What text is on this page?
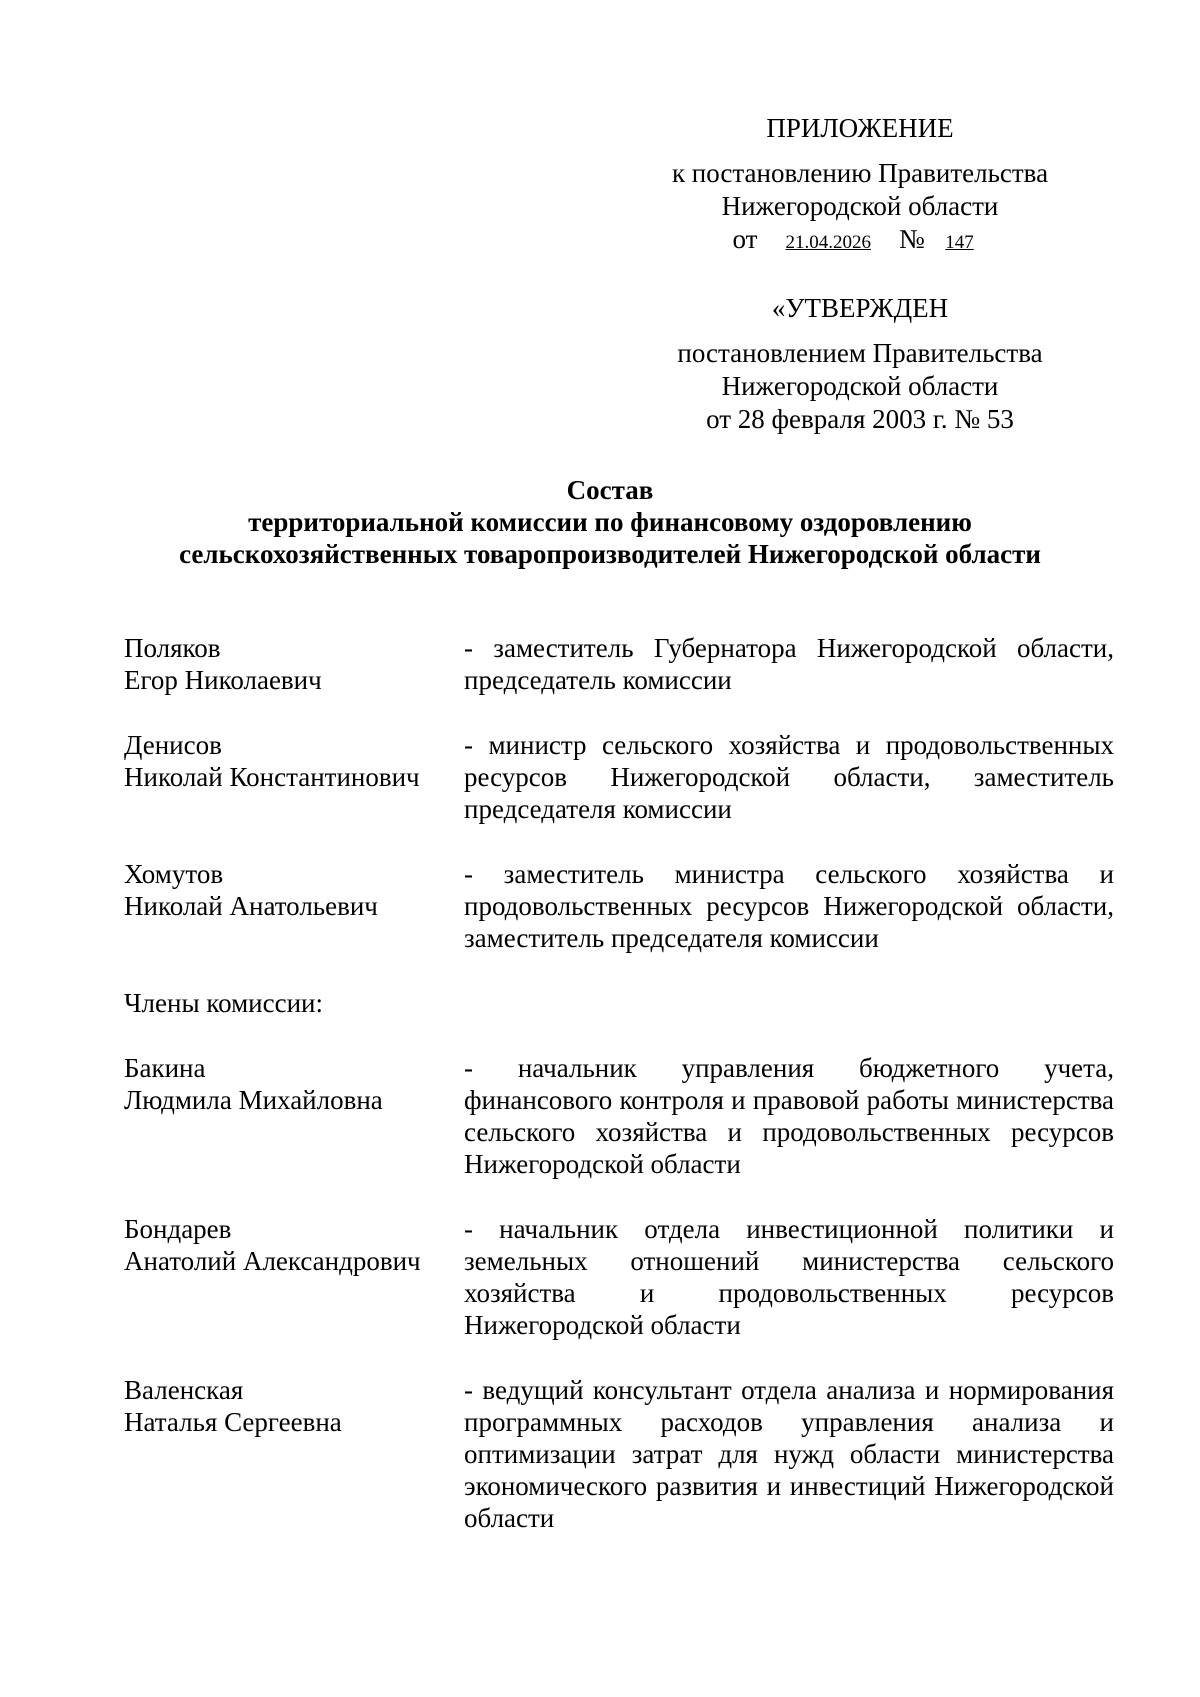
ПРИЛОЖЕНИЕ
к постановлению Правительства
Нижегородской области
от 21.04.2026 № 147
«УТВЕРЖДЕН
постановлением Правительства
Нижегородской области
от 28 февраля 2003 г. № 53
Состав
территориальной комиссии по финансовому оздоровлению
сельскохозяйственных товаропроизводителей Нижегородской области
Поляков
Егор Николаевич
- заместитель Губернатора Нижегородской области, председатель комиссии
Денисов
Николай Константинович
- министр сельского хозяйства и продовольственных ресурсов Нижегородской области, заместитель председателя комиссии
Хомутов
Николай Анатольевич
- заместитель министра сельского хозяйства и продовольственных ресурсов Нижегородской области, заместитель председателя комиссии
Члены комиссии:
Бакина
Людмила Михайловна
- начальник управления бюджетного учета, финансового контроля и правовой работы министерства сельского хозяйства и продовольственных ресурсов Нижегородской области
Бондарев
Анатолий Александрович
- начальник отдела инвестиционной политики и земельных отношений министерства сельского хозяйства и продовольственных ресурсов Нижегородской области
Валенская
Наталья Сергеевна
- ведущий консультант отдела анализа и нормирования программных расходов управления анализа и оптимизации затрат для нужд области министерства экономического развития и инвестиций Нижегородской области
